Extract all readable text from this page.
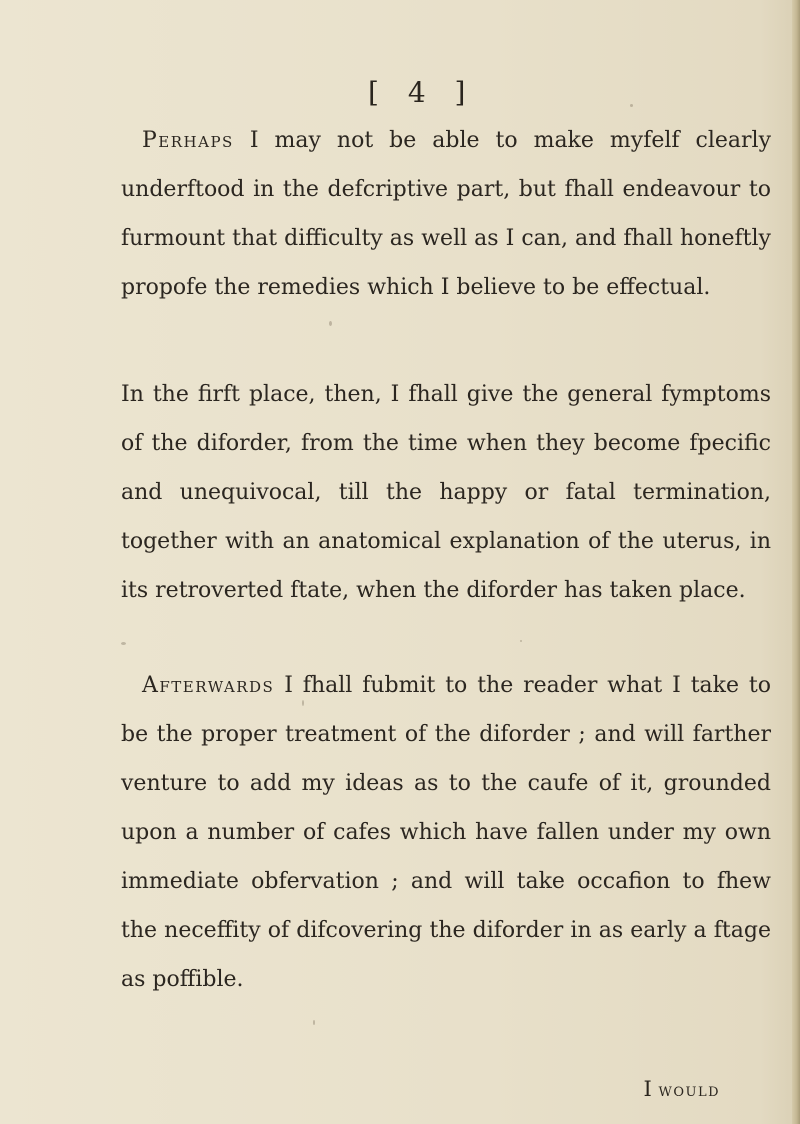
[ 4 ]

Perhaps I may not be able to make myfelf clearly underftood in the defcriptive part, but fhall endeavour to furmount that difficulty as well as I can, and fhall honeftly propofe the remedies which I believe to be effectual.

In the firft place, then, I fhall give the general fymptoms of the diforder, from the time when they become fpecific and unequivocal, till the happy or fatal termination, together with an anatomical explanation of the uterus, in its retroverted ftate, when the diforder has taken place.

Afterwards I fhall fubmit to the reader what I take to be the proper treatment of the diforder ; and will farther venture to add my ideas as to the caufe of it, grounded upon a number of cafes which have fallen under my own immediate obfervation ; and will take occafion to fhew the neceffity of difcovering the diforder in as early a ftage as poffible.

I would
